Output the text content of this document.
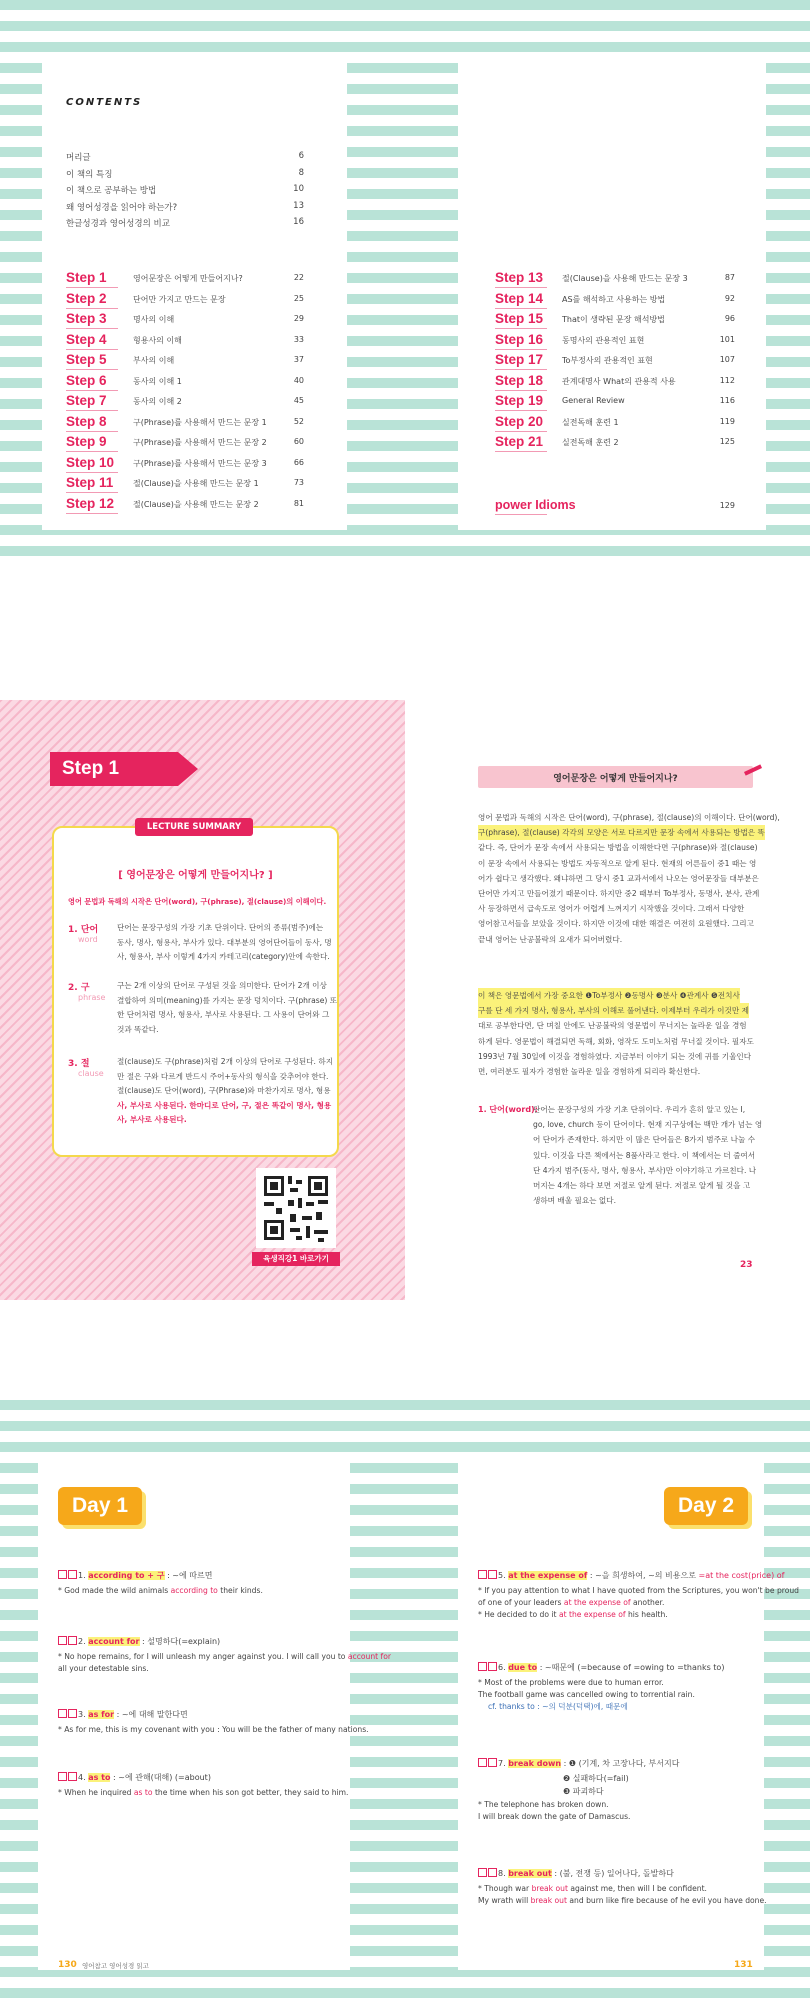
CONTENTS
머리글	6
이 책의 특징	8
이 책으로 공부하는 방법	10
왜 영어성경을 읽어야 하는가?	13
한글성경과 영어성경의 비교	16
Step 1	영어문장은 어떻게 만들어지나?	22
Step 2	단어만 가지고 만드는 문장	25
Step 3	명사의 이해	29
Step 4	형용사의 이해	33
Step 5	부사의 이해	37
Step 6	동사의 이해 1	40
Step 7	동사의 이해 2	45
Step 8	구(Phrase)를 사용해서 만드는 문장 1	52
Step 9	구(Phrase)를 사용해서 만드는 문장 2	60
Step 10 구(Phrase)를 사용해서 만드는 문장 3	66
Step 11 절(Clause)을 사용해 만드는 문장 1	73
Step 12 절(Clause)을 사용해 만드는 문장 2	81
Step 13 절(Clause)을 사용해 만드는 문장 3	87
Step 14 AS를 해석하고 사용하는 방법	92
Step 15 That이 생략된 문장 해석방법	96
Step 16 동명사의 관용적인 표현	101
Step 17 To부정사의 관용적인 표현	107
Step 18 관계대명사 What의 관용적 사용	112
Step 19 General Review	116
Step 20 실전독해 훈련 1	119
Step 21 실전독해 훈련 2	125
power Idioms	129
Step 1
LECTURE SUMMARY
[ 영어문장은 어떻게 만들어지나? ]
영어 문법과 독해의 시작은 단어(word), 구(phrase), 절(clause)의 이해이다.
1. 단어
word
단어는 문장구성의 가장 기초 단위이다. 단어의 종류(범주)에는
동사, 명사, 형용사, 부사가 있다. 대부분의 영어단어들이 동사, 명
사, 형용사, 부사 이렇게 4가지 카테고리(category)안에 속한다.
2. 구
phrase
구는 2개 이상의 단어로 구성된 것을 의미한다. 단어가 2개 이상
결합하여 의미(meaning)를 가지는 문장 덩치이다. 구(phrase) 또
한 단어처럼 명사, 형용사, 부사로 사용된다. 그 사용이 단어와 그
것과 똑같다.
3. 절
clause
절(clause)도 구(phrase)처럼 2개 이상의 단어로 구성된다. 하지
만 절은 구와 다르게 반드시 주어+동사의 형식을 갖추어야 한다.
절(clause)도 단어(word), 구(Phrase)와 마찬가지로 명사, 형용
사, 부사로 사용된다. 한마디로 단어, 구, 절은 똑같이 명사, 형용
사, 부사로 사용된다.
육생직강1 바로가기
영어문장은 어떻게 만들어지나?
영어 문법과 독해의 시작은 단어(word), 구(phrase), 절(clause)의 이해이다. 단어(word),
구(phrase), 절(clause) 각각의 모양은 서로 다르지만 문장 속에서 사용되는 방법은 똑

같다. 즉, 단어가 문장 속에서 사용되는 방법을 이해한다면 구(phrase)와 절(clause)
이 문장 속에서 사용되는 방법도 자동적으로 알게 된다. 현재의 어른들이 중1 때는 영
어가 쉽다고 생각했다. 왜냐하면 그 당시 중1 교과서에서 나오는 영어문장들 대부분은
단어만 가지고 만들어졌기 때문이다. 하지만 중2 때부터 To부정사, 동명사, 분사, 관계
사 등장하면서 급속도로 영어가 어렵게 느껴지기 시작했을 것이다. 그래서 다양한
영어참고서들을 보았을 것이다. 하지만 이것에 대한 해결은 여전히 요원했다. 그리고
끝내 영어는 난공불락의 요새가 되어버렸다.
이 책은 영문법에서 가장 중요한 ❶To부정사 ❷동명사 ❸분사 ❹관계사 ❺전치사
구를 단 세 가지 명사, 형용사, 부사의 이해로 풀어낸다. 이제부터 우리가 이것만 제

대로 공부한다면, 단 며칠 안에도 난공불락의 영문법이 무너지는 놀라운 일을 경험
하게 된다. 영문법이 해결되면 독해, 회화, 영작도 도미노처럼 무너질 것이다. 필자도
1993년 7월 30일에 이것을 경험하였다. 지금부터 이야기 되는 것에 귀를 기울인다
면, 여러분도 필자가 경험한 놀라운 일을 경험하게 되리라 확신한다.
1. 단어(word):
단어는 문장구성의 가장 기초 단위이다. 우리가 흔히 알고 있는 I,
go, love, church 등이 단어이다. 현재 지구상에는 백만 개가 넘는 영
어 단어가 존재한다. 하지만 이 많은 단어들은 8가지 범주로 나눌 수
있다. 이것을 다른 책에서는 8품사라고 한다. 이 책에서는 더 줄여서
단 4가지 범주(동사, 명사, 형용사, 부사)만 이야기하고 가르친다. 나
머지는 4개는 하다 보면 저절로 알게 된다. 저절로 알게 될 것을 고
생하며 배울 필요는 없다.
23
Day 1	Day 2
1. according to + 구 : ~에 따르면
* God made the wild animals according to their kinds.
2. account for : 설명하다(=explain)
* No hope remains, for I will unleash my anger against you. I will call you to account for
all your detestable sins.
3. as for : ~에 대해 말한다면
* As for me, this is my covenant with you : You will be the father of many nations.
4. as to : ~에 관해(대해) (=about)
* When he inquired as to the time when his son got better, they said to him.
5. at the expense of : ~을 희생하여, ~의 비용으로 =at the cost(price) of
* If you pay attention to what I have quoted from the Scriptures, you won't be proud
of one of your leaders at the expense of another.
* He decided to do it at the expense of his health.
6. due to : ~때문에 (=because of =owing to =thanks to)
* Most of the problems were due to human error.
The football game was cancelled owing to torrential rain.
cf. thanks to : ~의 덕분(덕택)에, 때문에
7. break down : ❶ (기계, 차 고장나다, 부서지다
❷ 실패하다(=fail)
❸ 파괴하다
* The telephone has broken down.
I will break down the gate of Damascus.
8. break out : (불, 전쟁 등) 일어나다, 돌발하다
* Though war break out against me, then will I be confident.
My wrath will break out and burn like fire because of he evil you have done.
130 영어참고 영어성경 읽고	131
